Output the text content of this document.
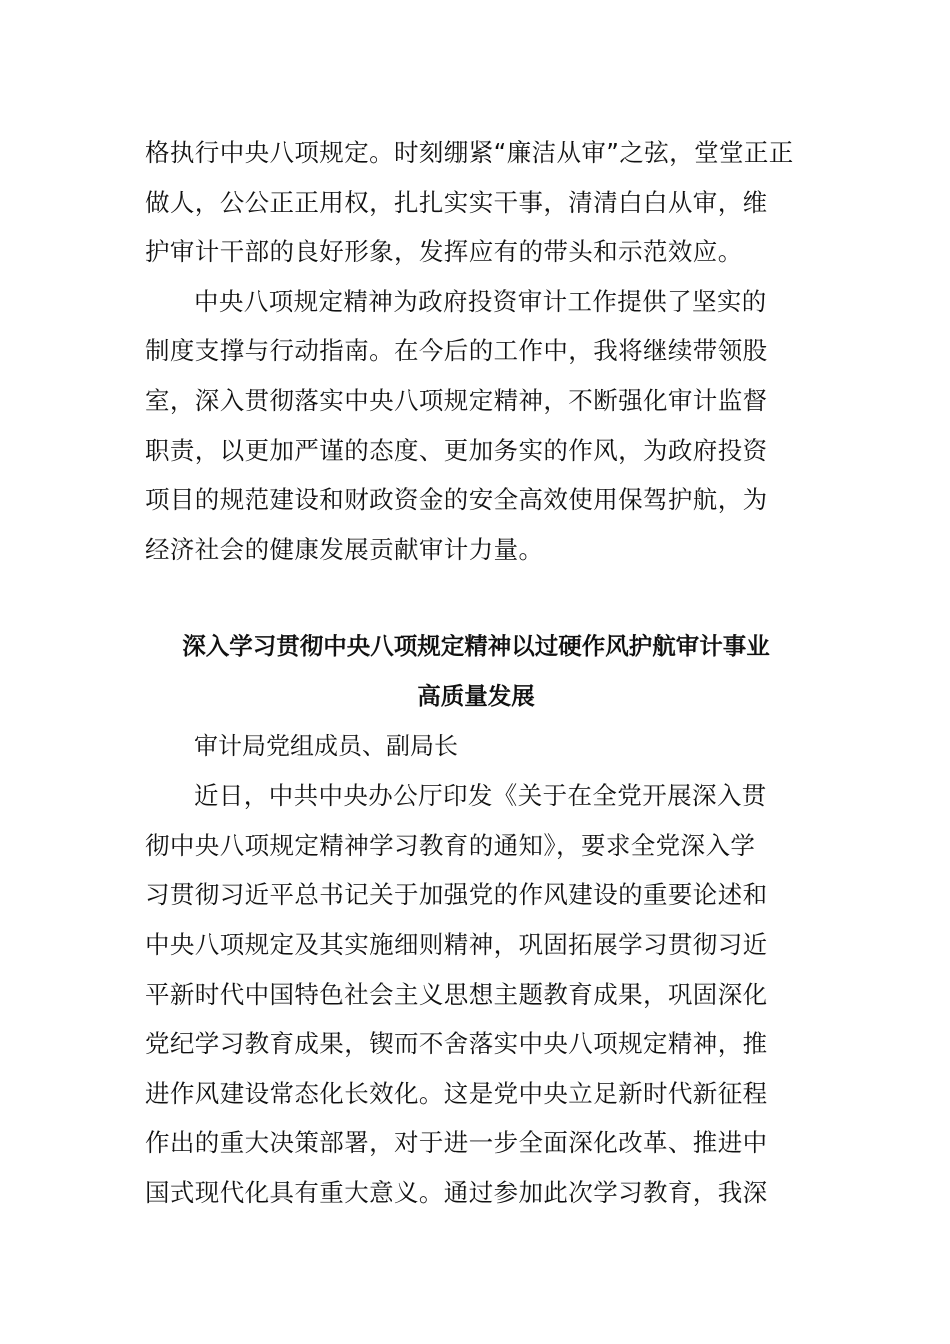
格执行中央八项规定。时刻绷紧“廉洁从审”之弦，堂堂正正
做人，公公正正用权，扎扎实实干事，清清白白从审，维
护审计干部的良好形象，发挥应有的带头和示范效应。
中央八项规定精神为政府投资审计工作提供了坚实的
制度支撑与行动指南。在今后的工作中，我将继续带领股
室，深入贯彻落实中央八项规定精神，不断强化审计监督
职责，以更加严谨的态度、更加务实的作风，为政府投资
项目的规范建设和财政资金的安全高效使用保驾护航，为
经济社会的健康发展贡献审计力量。
深入学习贯彻中央八项规定精神以过硬作风护航审计事业
高质量发展
审计局党组成员、副局长
近日，中共中央办公厅印发《关于在全党开展深入贯
彻中央八项规定精神学习教育的通知》，要求全党深入学
习贯彻习近平总书记关于加强党的作风建设的重要论述和
中央八项规定及其实施细则精神，巩固拓展学习贯彻习近
平新时代中国特色社会主义思想主题教育成果，巩固深化
党纪学习教育成果，锲而不舍落实中央八项规定精神，推
进作风建设常态化长效化。这是党中央立足新时代新征程
作出的重大决策部署，对于进一步全面深化改革、推进中
国式现代化具有重大意义。通过参加此次学习教育，我深
